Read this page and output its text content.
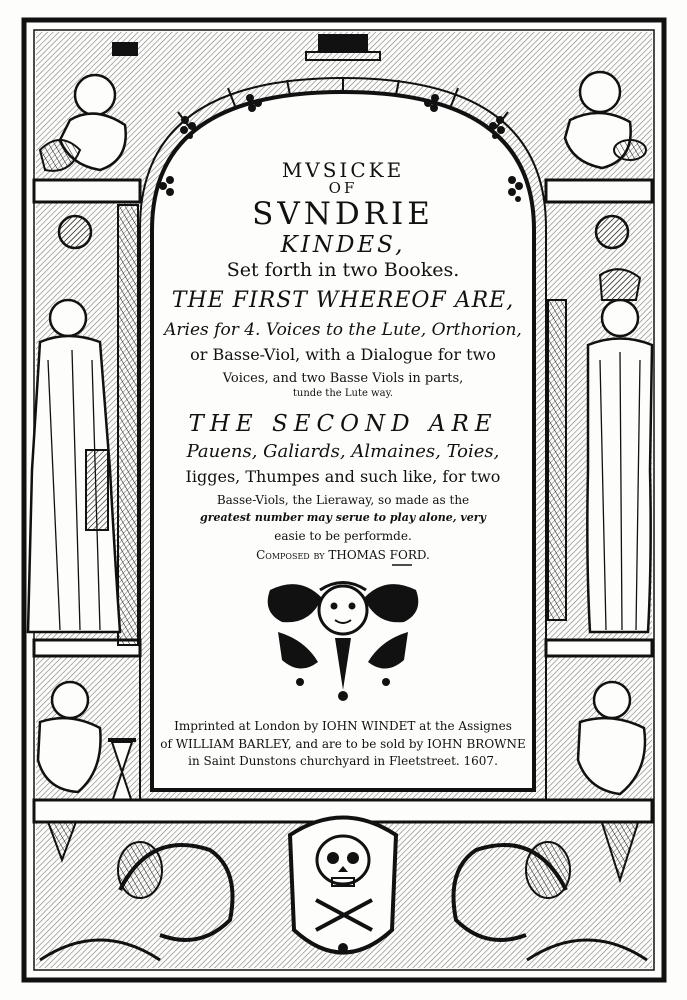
MVSICKE
OF
SVNDRIE
KINDES,
Set forth in two Bookes.
THE FIRST WHEREOF ARE,
Aries for 4. Voices to the Lute, Orthorion,
or Basse-Viol, with a Dialogue for two
Voices, and two Basse Viols in parts,
tunde the Lute way.
THE SECOND ARE
Pauens, Galiards, Almaines, Toies,
Iigges, Thumpes and such like, for two
Basse-Viols, the Lieraway, so made as the
greatest number may serue to play alone, very
easie to be performde.
Composed by THOMAS FORD.
Imprinted at London by IOHN WINDET at the Assignes
of WILLIAM BARLEY, and are to be sold by IOHN BROWNE
in Saint Dunstons churchyard in Fleetstreet. 1607.
